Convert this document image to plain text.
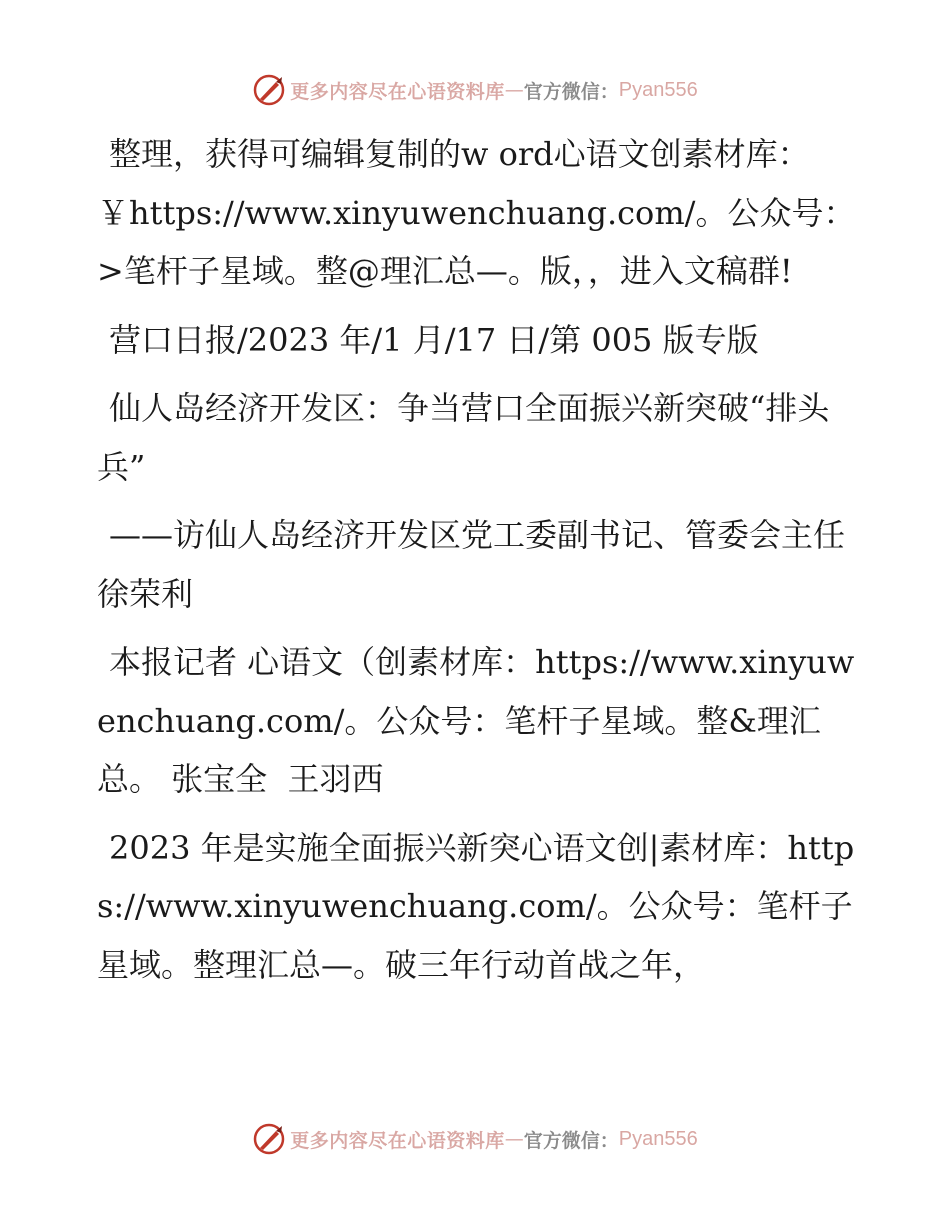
更多内容尽在心语资料库 — 官方微信： Pyan556

整理，获得可编辑复制的w ord心语文创素材库：￥https://www.xinyuwenchuang.com/。公众号：>笔杆子星域。整@理汇总—。版，，进入文稿群!

营口日报/2023 年/1 月/17 日/第 005 版专版

仙人岛经济开发区：争当营口全面振兴新突破“排头兵”

——访仙人岛经济开发区党工委副书记、管委会主任徐荣利

本报记者 心语文（创素材库：https://www.xinyuwenchuang.com/。公众号：笔杆子星域。整&理汇总。 张宝全  王羽西

2023 年是实施全面振兴新突心语文创|素材库：https://www.xinyuwenchuang.com/。公众号：笔杆子星域。整理汇总—。破三年行动首战之年，

更多内容尽在心语资料库 — 官方微信： Pyan556
